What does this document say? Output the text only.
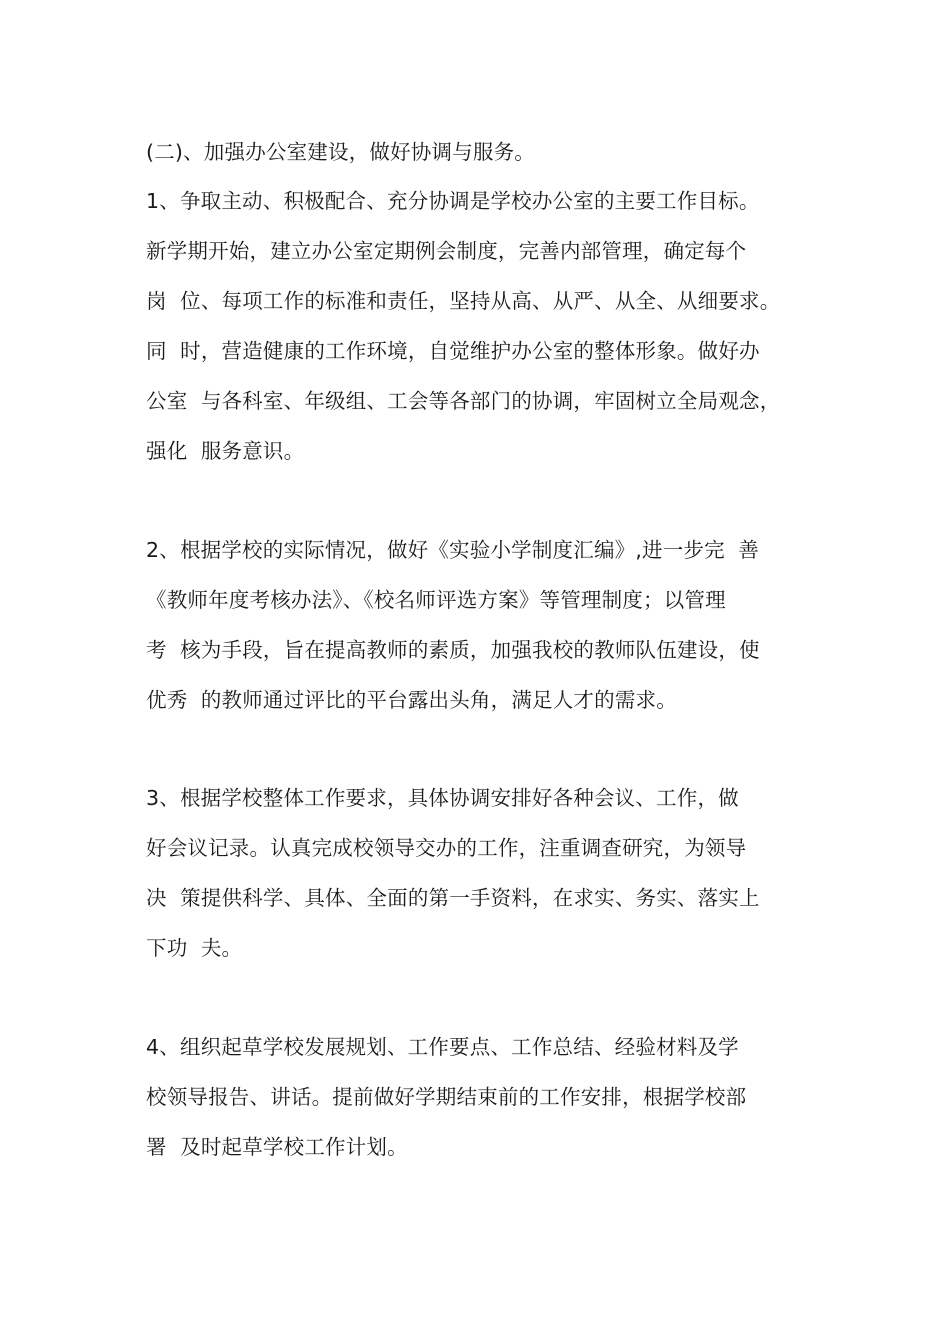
(二)、加强办公室建设，做好协调与服务。
1、争取主动、积极配合、充分协调是学校办公室的主要工作目标。
新学期开始，建立办公室定期例会制度，完善内部管理，确定每个
岗  位、每项工作的标准和责任，坚持从高、从严、从全、从细要求。
同  时，营造健康的工作环境，自觉维护办公室的整体形象。做好办
公室  与各科室、年级组、工会等各部门的协调，牢固树立全局观念，
强化  服务意识。
2、根据学校的实际情况，做好《实验小学制度汇编》,进一步完  善
《教师年度考核办法》、《校名师评选方案》等管理制度；以管理
考  核为手段，旨在提高教师的素质，加强我校的教师队伍建设，使
优秀  的教师通过评比的平台露出头角，满足人才的需求。
3、根据学校整体工作要求，具体协调安排好各种会议、工作，做
好会议记录。认真完成校领导交办的工作，注重调查研究，为领导
决  策提供科学、具体、全面的第一手资料，在求实、务实、落实上
下功  夫。
4、组织起草学校发展规划、工作要点、工作总结、经验材料及学
校领导报告、讲话。提前做好学期结束前的工作安排，根据学校部
署  及时起草学校工作计划。
